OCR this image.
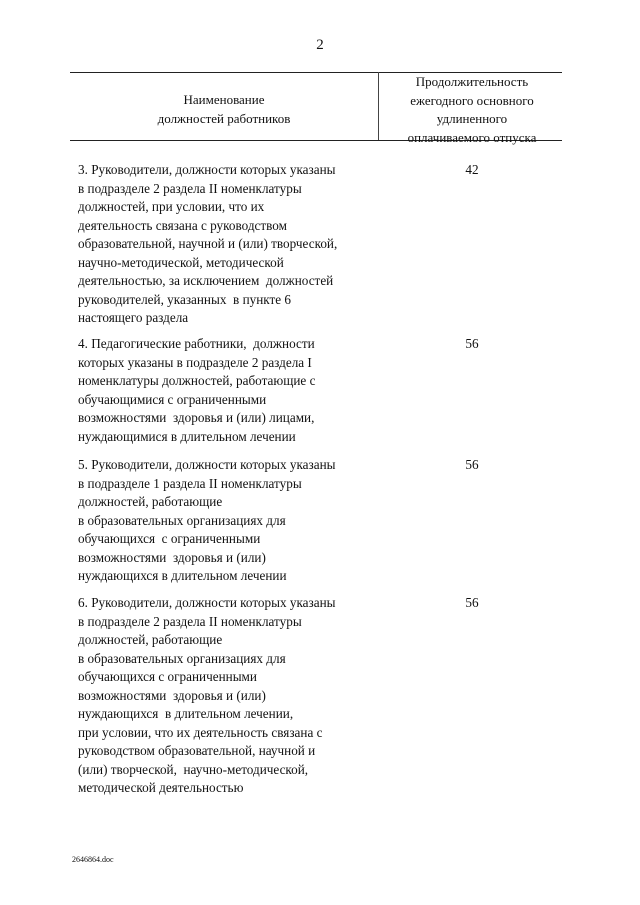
2
Наименование
должностей работников
Продолжительность
ежегодного основного
удлиненного
оплачиваемого отпуска
3. Руководители, должности которых указаны
в подразделе 2 раздела II номенклатуры
должностей, при условии, что их
деятельность связана с руководством
образовательной, научной и (или) творческой,
научно-методической, методической
деятельностью, за исключением  должностей
руководителей, указанных  в пункте 6
настоящего раздела
42
4. Педагогические работники,  должности
которых указаны в подразделе 2 раздела I
номенклатуры должностей, работающие с
обучающимися с ограниченными
возможностями  здоровья и (или) лицами,
нуждающимися в длительном лечении
56
5. Руководители, должности которых указаны
в подразделе 1 раздела II номенклатуры
должностей, работающие
в образовательных организациях для
обучающихся  с ограниченными
возможностями  здоровья и (или)
нуждающихся в длительном лечении
56
6. Руководители, должности которых указаны
в подразделе 2 раздела II номенклатуры
должностей, работающие
в образовательных организациях для
обучающихся с ограниченными
возможностями  здоровья и (или)
нуждающихся  в длительном лечении,
при условии, что их деятельность связана с
руководством образовательной, научной и
(или) творческой,  научно-методической,
методической деятельностью
56
2646864.doc
